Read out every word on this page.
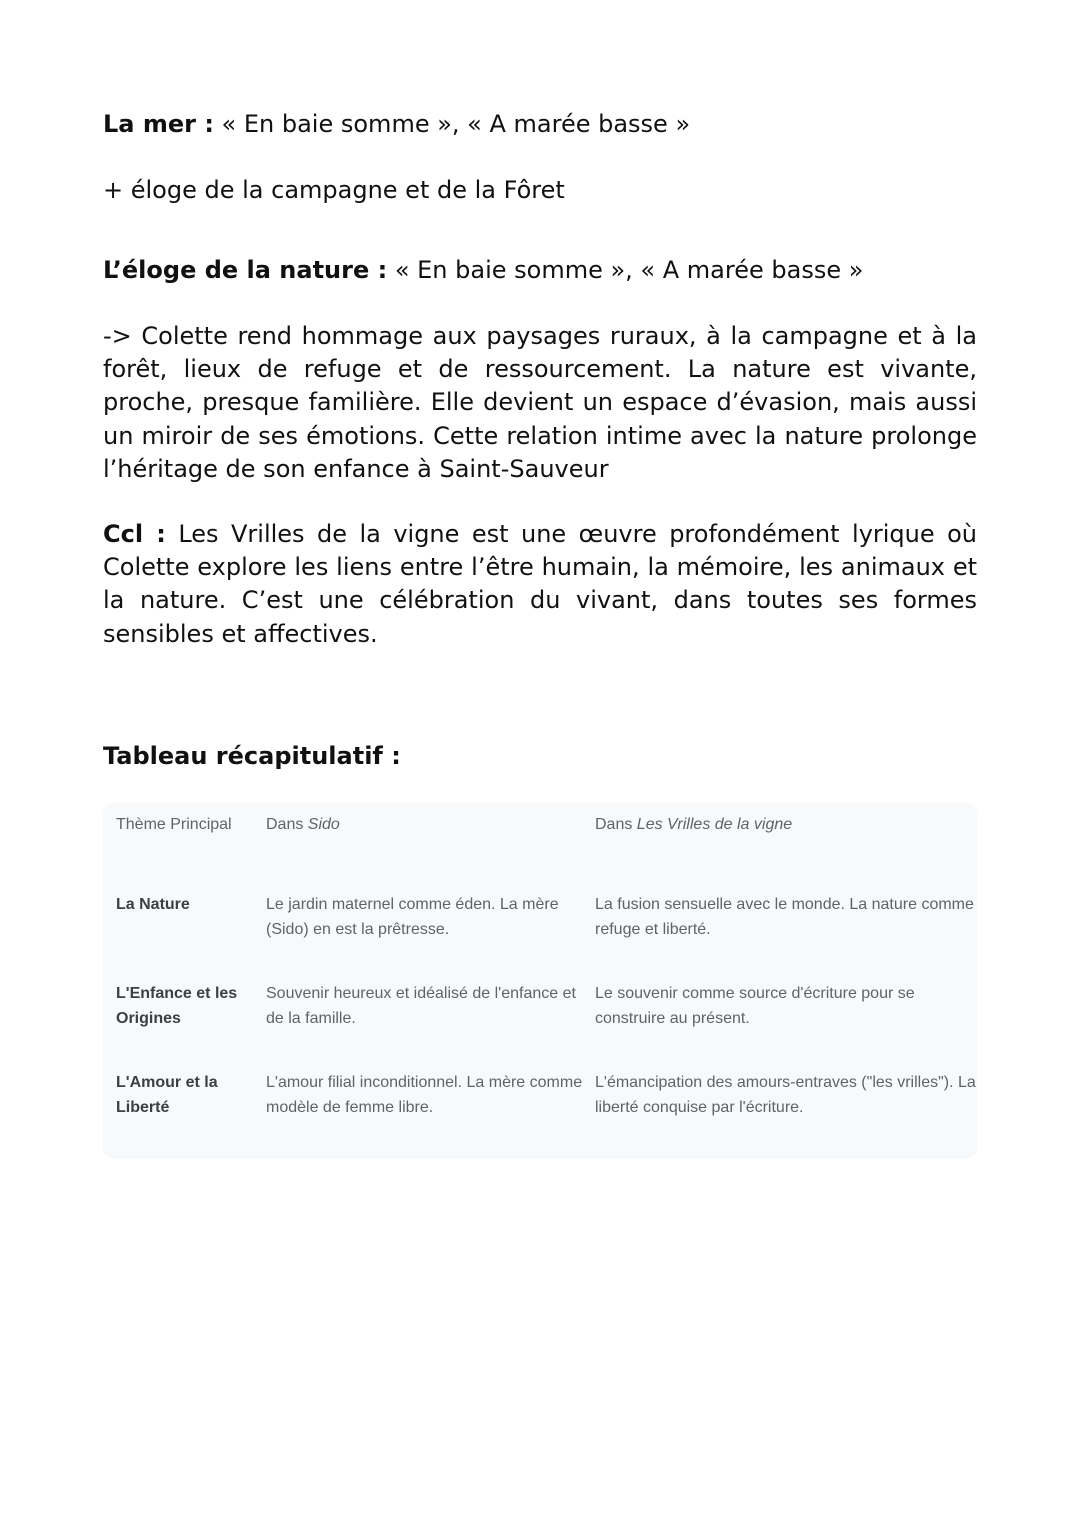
La mer : « En baie somme », « A marée basse »

+ éloge de la campagne et de la Fôret

L’éloge de la nature : « En baie somme », « A marée basse »

-> Colette rend hommage aux paysages ruraux, à la campagne et à la forêt, lieux de refuge et de ressourcement. La nature est vivante, proche, presque familière. Elle devient un espace d’évasion, mais aussi un miroir de ses émotions. Cette relation intime avec la nature prolonge l’héritage de son enfance à Saint-Sauveur

Ccl : Les Vrilles de la vigne est une œuvre profondément lyrique où Colette explore les liens entre l’être humain, la mémoire, les animaux et la nature. C’est une célébration du vivant, dans toutes ses formes sensibles et affectives.

Tableau récapitulatif :
Thème Principal	Dans Sido	Dans Les Vrilles de la vigne
La Nature	Le jardin maternel comme éden. La mère (Sido) en est la prêtresse.	La fusion sensuelle avec le monde. La nature comme refuge et liberté.
L'Enfance et les Origines	Souvenir heureux et idéalisé de l'enfance et de la famille.	Le souvenir comme source d'écriture pour se construire au présent.
L'Amour et la Liberté	L'amour filial inconditionnel. La mère comme modèle de femme libre.	L'émancipation des amours-entraves ("les vrilles"). La liberté conquise par l'écriture.
